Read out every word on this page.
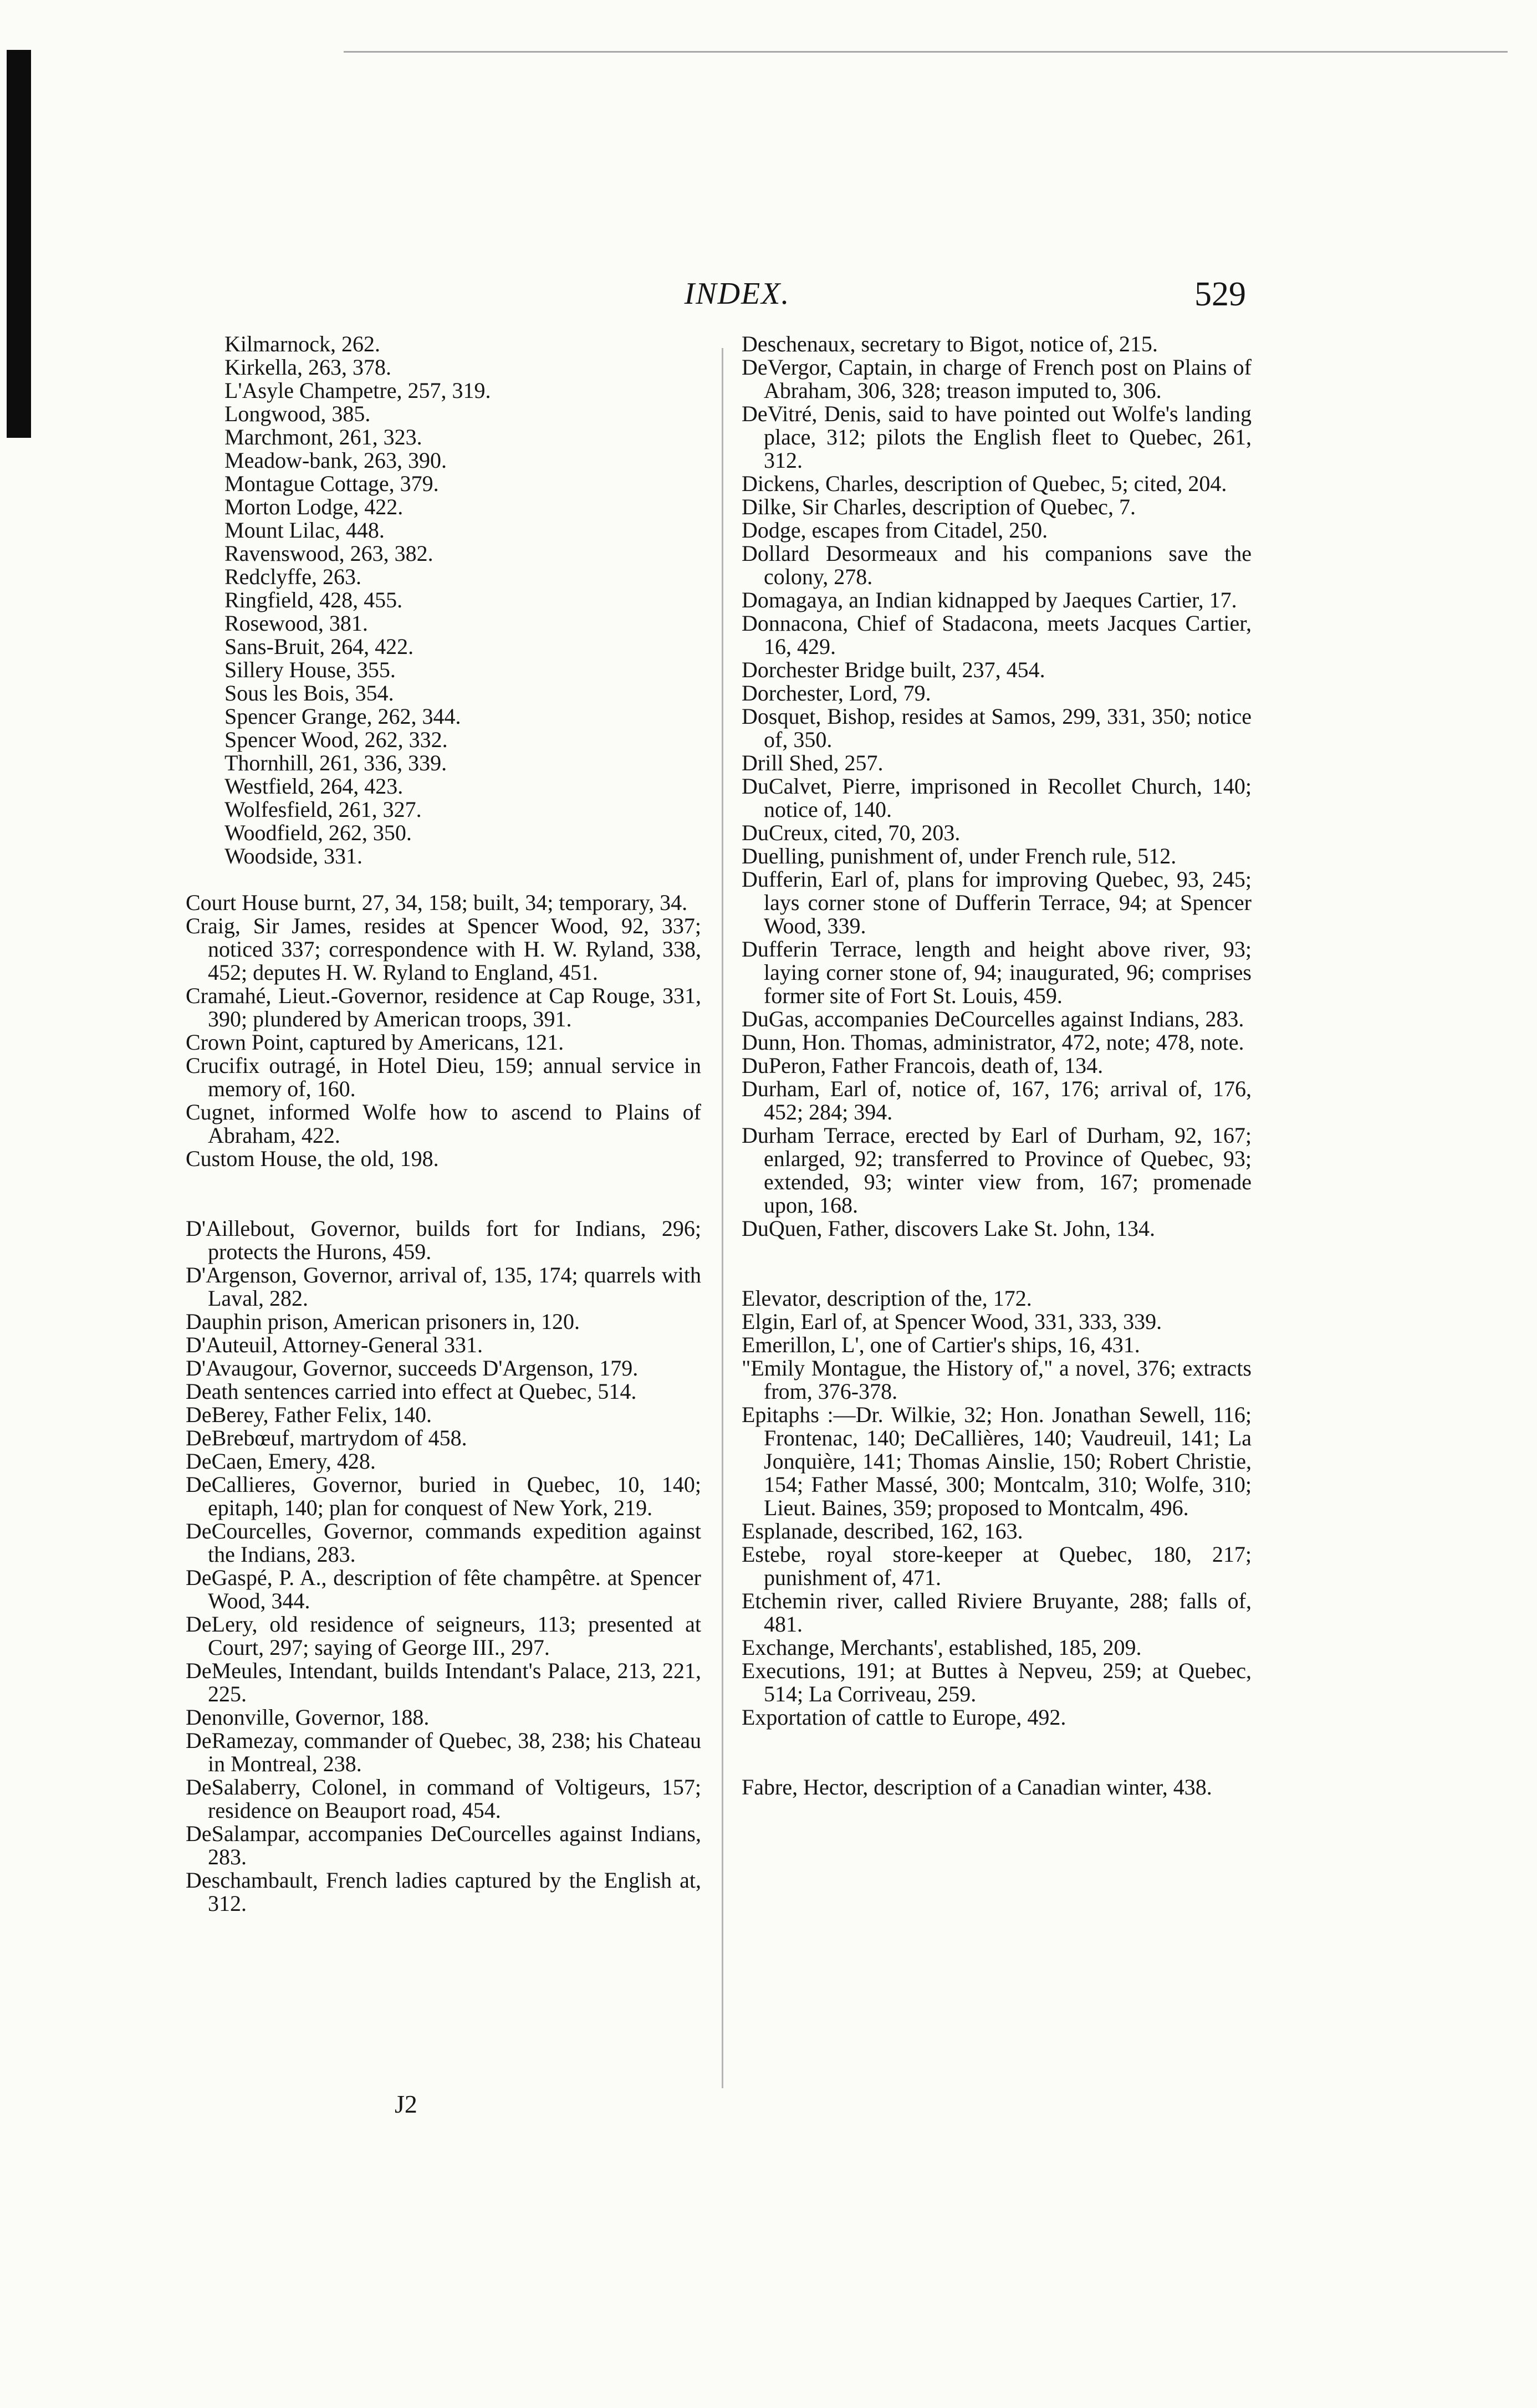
INDEX.	529

Kilmarnock, 262.

Kirkella, 263, 378.

L'Asyle Champetre, 257, 319.

Longwood, 385.

Marchmont, 261, 323.

Meadow-bank, 263, 390.

Montague Cottage, 379.

Morton Lodge, 422.

Mount Lilac, 448.

Ravenswood, 263, 382.

Redclyffe, 263.

Ringfield, 428, 455.

Rosewood, 381.

Sans-Bruit, 264, 422.

Sillery House, 355.

Sous les Bois, 354.

Spencer Grange, 262, 344.

Spencer Wood, 262, 332.

Thornhill, 261, 336, 339.

Westfield, 264, 423.

Wolfesfield, 261, 327.

Woodfield, 262, 350.

Woodside, 331.

Court House burnt, 27, 34, 158; built, 34; temporary, 34.

Craig, Sir James, resides at Spencer Wood, 92, 337; noticed 337; correspondence with H. W. Ryland, 338, 452; deputes H. W. Ryland to England, 451.

Cramahé, Lieut.-Governor, residence at Cap Rouge, 331, 390; plundered by American troops, 391.

Crown Point, captured by Americans, 121.

Crucifix outragé, in Hotel Dieu, 159; annual service in memory of, 160.

Cugnet, informed Wolfe how to ascend to Plains of Abraham, 422.

Custom House, the old, 198.

D'Aillebout, Governor, builds fort for Indians, 296; protects the Hurons, 459.

D'Argenson, Governor, arrival of, 135, 174; quarrels with Laval, 282.

Dauphin prison, American prisoners in, 120.

D'Auteuil, Attorney-General 331.

D'Avaugour, Governor, succeeds D'Argenson, 179.

Death sentences carried into effect at Quebec, 514.

DeBerey, Father Felix, 140.

DeBrebœuf, martrydom of 458.

DeCaen, Emery, 428.

DeCallieres, Governor, buried in Quebec, 10, 140; epitaph, 140; plan for conquest of New York, 219.

DeCourcelles, Governor, commands expedition against the Indians, 283.

DeGaspé, P. A., description of fête champêtre. at Spencer Wood, 344.

DeLery, old residence of seigneurs, 113; presented at Court, 297; saying of George III., 297.

DeMeules, Intendant, builds Intendant's Palace, 213, 221, 225.

Denonville, Governor, 188.

DeRamezay, commander of Quebec, 38, 238; his Chateau in Montreal, 238.

DeSalaberry, Colonel, in command of Voltigeurs, 157; residence on Beauport road, 454.

DeSalampar, accompanies DeCourcelles against Indians, 283.

Deschambault, French ladies captured by the English at, 312.

J2

Deschenaux, secretary to Bigot, notice of, 215.

DeVergor, Captain, in charge of French post on Plains of Abraham, 306, 328; treason imputed to, 306.

DeVitré, Denis, said to have pointed out Wolfe's landing place, 312; pilots the English fleet to Quebec, 261, 312.

Dickens, Charles, description of Quebec, 5; cited, 204.

Dilke, Sir Charles, description of Quebec, 7.

Dodge, escapes from Citadel, 250.

Dollard Desormeaux and his companions save the colony, 278.

Domagaya, an Indian kidnapped by Jaeques Cartier, 17.

Donnacona, Chief of Stadacona, meets Jacques Cartier, 16, 429.

Dorchester Bridge built, 237, 454.

Dorchester, Lord, 79.

Dosquet, Bishop, resides at Samos, 299, 331, 350; notice of, 350.

Drill Shed, 257.

DuCalvet, Pierre, imprisoned in Recollet Church, 140; notice of, 140.

DuCreux, cited, 70, 203.

Duelling, punishment of, under French rule, 512.

Dufferin, Earl of, plans for improving Quebec, 93, 245; lays corner stone of Dufferin Terrace, 94; at Spencer Wood, 339.

Dufferin Terrace, length and height above river, 93; laying corner stone of, 94; inaugurated, 96; comprises former site of Fort St. Louis, 459.

DuGas, accompanies DeCourcelles against Indians, 283.

Dunn, Hon. Thomas, administrator, 472, note; 478, note.

DuPeron, Father Francois, death of, 134.

Durham, Earl of, notice of, 167, 176; arrival of, 176, 452; 284; 394.

Durham Terrace, erected by Earl of Durham, 92, 167; enlarged, 92; transferred to Province of Quebec, 93; extended, 93; winter view from, 167; promenade upon, 168.

DuQuen, Father, discovers Lake St. John, 134.

Elevator, description of the, 172.

Elgin, Earl of, at Spencer Wood, 331, 333, 339.

Emerillon, L', one of Cartier's ships, 16, 431.

"Emily Montague, the History of," a novel, 376; extracts from, 376-378.

Epitaphs :—Dr. Wilkie, 32; Hon. Jonathan Sewell, 116; Frontenac, 140; DeCallières, 140; Vaudreuil, 141; La Jonquière, 141; Thomas Ainslie, 150; Robert Christie, 154; Father Massé, 300; Montcalm, 310; Wolfe, 310; Lieut. Baines, 359; proposed to Montcalm, 496.

Esplanade, described, 162, 163.

Estebe, royal store-keeper at Quebec, 180, 217; punishment of, 471.

Etchemin river, called Riviere Bruyante, 288; falls of, 481.

Exchange, Merchants', established, 185, 209.

Executions, 191; at Buttes à Nepveu, 259; at Quebec, 514; La Corriveau, 259.

Exportation of cattle to Europe, 492.

Fabre, Hector, description of a Canadian winter, 438.
